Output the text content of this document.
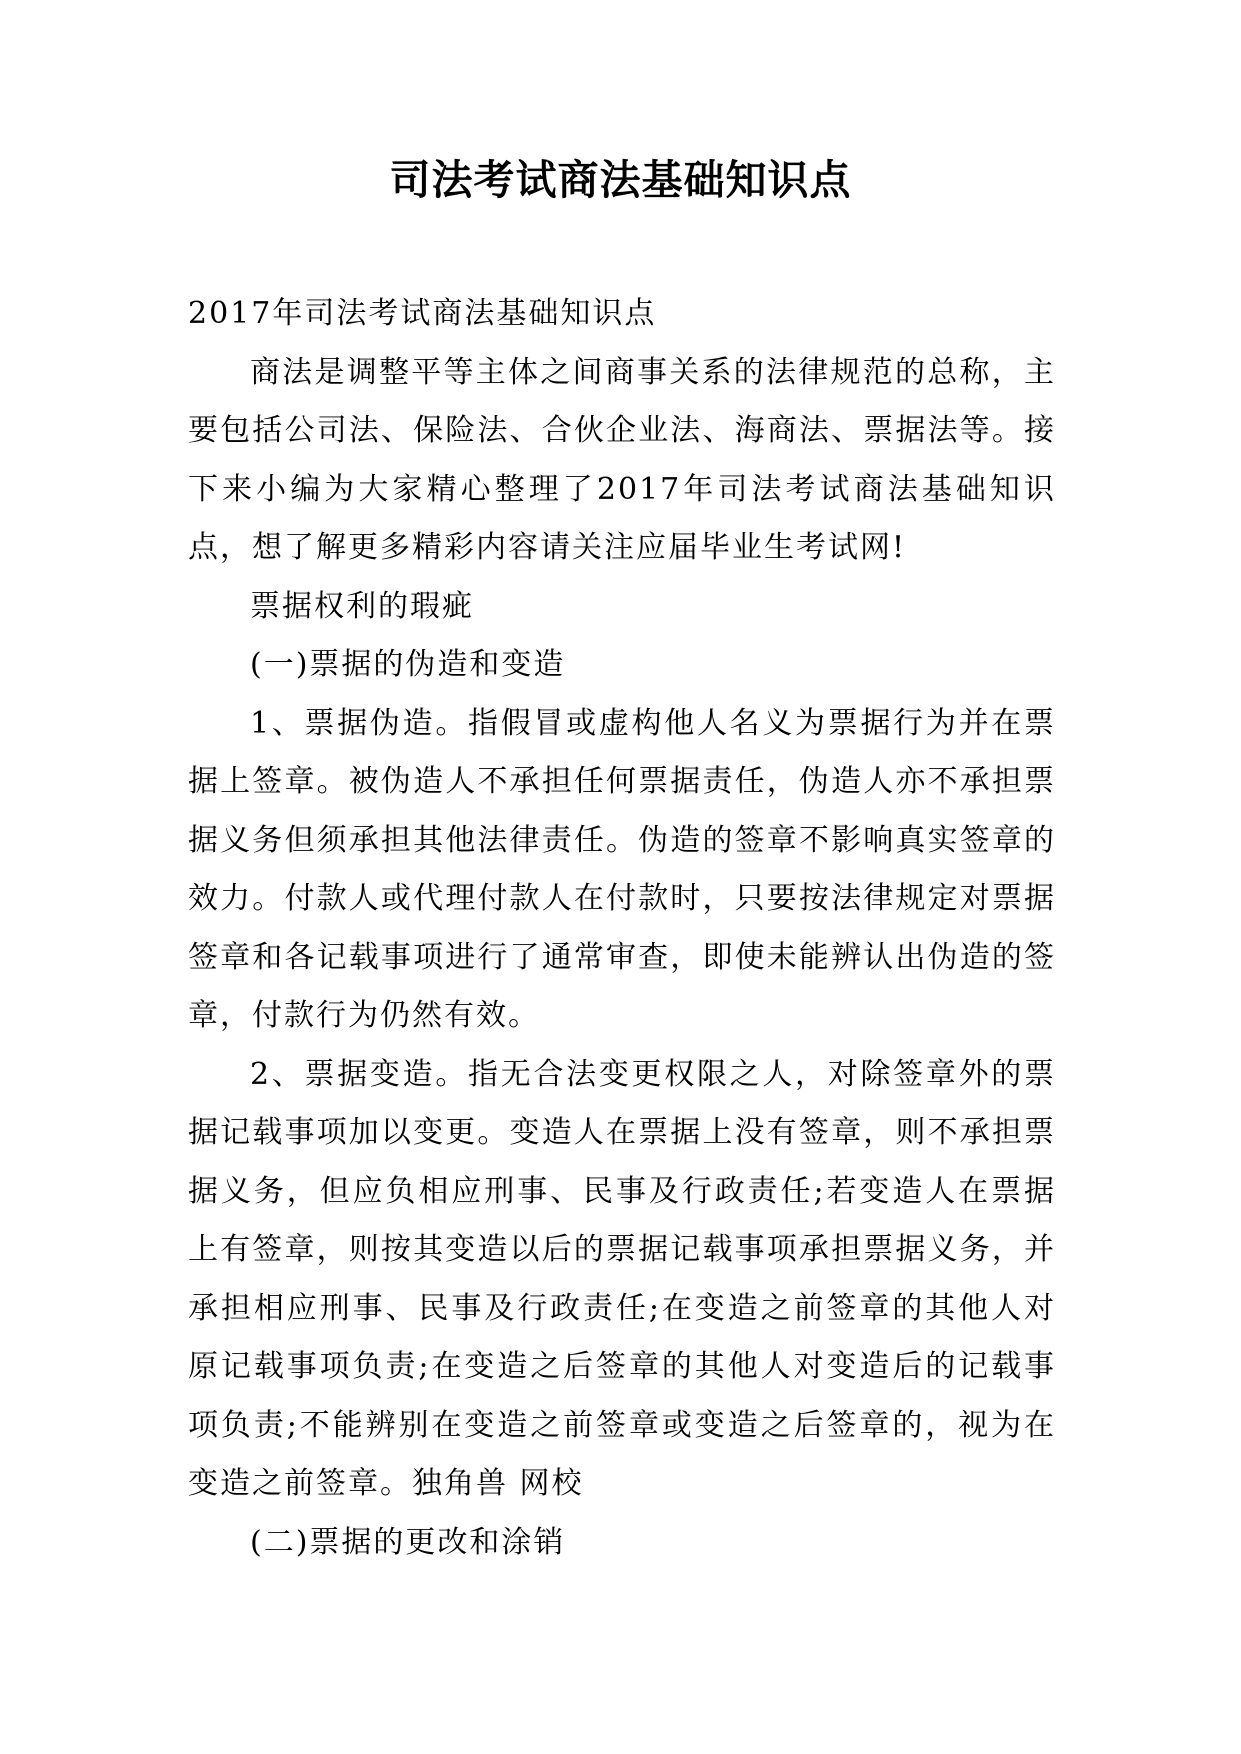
司法考试商法基础知识点

2017年司法考试商法基础知识点

商法是调整平等主体之间商事关系的法律规范的总称，主要包括公司法、保险法、合伙企业法、海商法、票据法等。接下来小编为大家精心整理了2017年司法考试商法基础知识点，想了解更多精彩内容请关注应届毕业生考试网!

票据权利的瑕疵

(一)票据的伪造和变造

1、票据伪造。指假冒或虚构他人名义为票据行为并在票据上签章。被伪造人不承担任何票据责任，伪造人亦不承担票据义务但须承担其他法律责任。伪造的签章不影响真实签章的效力。付款人或代理付款人在付款时，只要按法律规定对票据签章和各记载事项进行了通常审查，即使未能辨认出伪造的签章，付款行为仍然有效。

2、票据变造。指无合法变更权限之人，对除签章外的票据记载事项加以变更。变造人在票据上没有签章，则不承担票据义务，但应负相应刑事、民事及行政责任;若变造人在票据上有签章，则按其变造以后的票据记载事项承担票据义务，并承担相应刑事、民事及行政责任;在变造之前签章的其他人对原记载事项负责;在变造之后签章的其他人对变造后的记载事项负责;不能辨别在变造之前签章或变造之后签章的，视为在变造之前签章。独角兽 网校

(二)票据的更改和涂销
